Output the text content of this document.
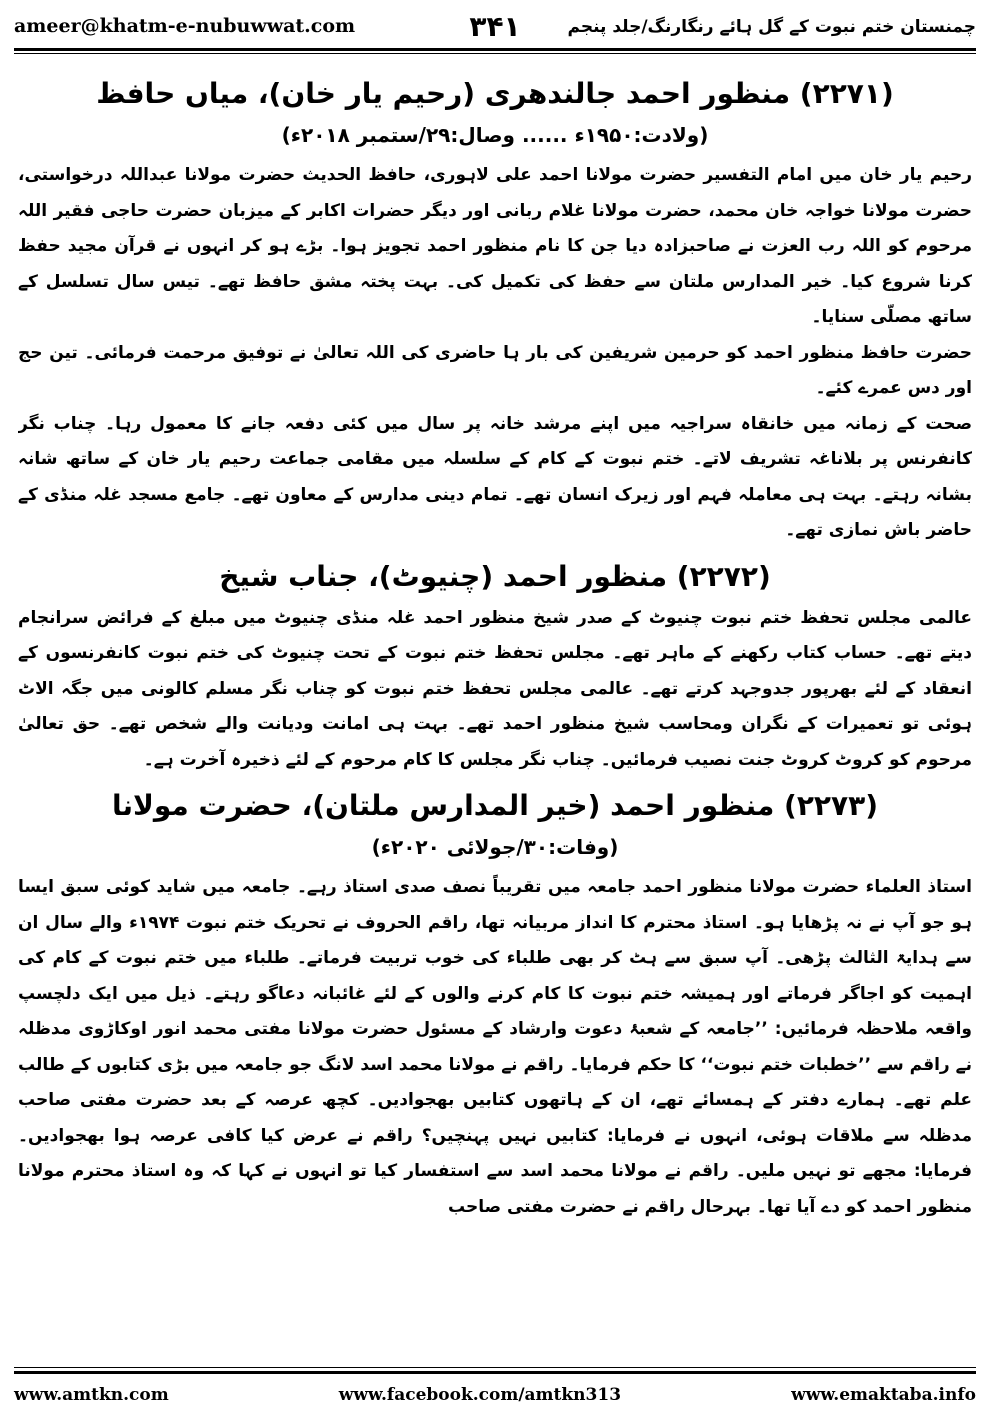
ameer@khatm-e-nubuwwat.com	۳۴۱	چمنستان ختم نبوت کے گل ہائے رنگارنگ/جلد پنجم
(۲۲۷۱) منظور احمد جالندھری (رحیم یار خان)، میاں حافظ
(ولادت:۱۹۵۰ء ...... وصال:۲۹/ستمبر ۲۰۱۸ء)

رحیم یار خان میں امام التفسیر حضرت مولانا احمد علی لاہوری، حافظ الحدیث حضرت مولانا عبداللہ درخواستی، حضرت مولانا خواجہ خان محمد، حضرت مولانا غلام ربانی اور دیگر حضرات اکابر کے میزبان حضرت حاجی فقیر اللہ مرحوم کو اللہ رب العزت نے صاحبزادہ دیا جن کا نام منظور احمد تجویز ہوا۔ بڑے ہو کر انہوں نے قرآن مجید حفظ کرنا شروع کیا۔ خیر المدارس ملتان سے حفظ کی تکمیل کی۔ بہت پختہ مشق حافظ تھے۔ تیس سال تسلسل کے ساتھ مصلّی سنایا۔

حضرت حافظ منظور احمد کو حرمین شریفین کی بار ہا حاضری کی اللہ تعالیٰ نے توفیق مرحمت فرمائی۔ تین حج اور دس عمرے کئے۔

صحت کے زمانہ میں خانقاہ سراجیہ میں اپنے مرشد خانہ پر سال میں کئی دفعہ جانے کا معمول رہا۔ چناب نگر کانفرنس پر بلاناغہ تشریف لاتے۔ ختم نبوت کے کام کے سلسلہ میں مقامی جماعت رحیم یار خان کے ساتھ شانہ بشانہ رہتے۔ بہت ہی معاملہ فہم اور زیرک انسان تھے۔ تمام دینی مدارس کے معاون تھے۔ جامع مسجد غلہ منڈی کے حاضر باش نمازی تھے۔

(۲۲۷۲) منظور احمد (چنیوٹ)، جناب شیخ

عالمی مجلس تحفظ ختم نبوت چنیوٹ کے صدر شیخ منظور احمد غلہ منڈی چنیوٹ میں مبلغ کے فرائض سرانجام دیتے تھے۔ حساب کتاب رکھنے کے ماہر تھے۔ مجلس تحفظ ختم نبوت کے تحت چنیوٹ کی ختم نبوت کانفرنسوں کے انعقاد کے لئے بھرپور جدوجہد کرتے تھے۔ عالمی مجلس تحفظ ختم نبوت کو چناب نگر مسلم کالونی میں جگہ الاٹ ہوئی تو تعمیرات کے نگران ومحاسب شیخ منظور احمد تھے۔ بہت ہی امانت ودیانت والے شخص تھے۔ حق تعالیٰ مرحوم کو کروٹ کروٹ جنت نصیب فرمائیں۔ چناب نگر مجلس کا کام مرحوم کے لئے ذخیرہ آخرت ہے۔

(۲۲۷۳) منظور احمد (خیر المدارس ملتان)، حضرت مولانا
(وفات:۳۰/جولائی ۲۰۲۰ء)

استاذ العلماء حضرت مولانا منظور احمد جامعہ میں تقریباً نصف صدی استاذ رہے۔ جامعہ میں شاید کوئی سبق ایسا ہو جو آپ نے نہ پڑھایا ہو۔ استاذ محترم کا انداز مربیانہ تھا، راقم الحروف نے تحریک ختم نبوت ۱۹۷۴ء والے سال ان سے ہدایۃ الثالث پڑھی۔ آپ سبق سے ہٹ کر بھی طلباء کی خوب تربیت فرماتے۔ طلباء میں ختم نبوت کے کام کی اہمیت کو اجاگر فرماتے اور ہمیشہ ختم نبوت کا کام کرنے والوں کے لئے غائبانہ دعاگو رہتے۔ ذیل میں ایک دلچسپ واقعہ ملاحظہ فرمائیں: ’’جامعہ کے شعبۂ دعوت وارشاد کے مسئول حضرت مولانا مفتی محمد انور اوکاڑوی مدظلہ نے راقم سے ’’خطبات ختم نبوت‘‘ کا حکم فرمایا۔ راقم نے مولانا محمد اسد لانگ جو جامعہ میں بڑی کتابوں کے طالب علم تھے۔ ہمارے دفتر کے ہمسائے تھے، ان کے ہاتھوں کتابیں بھجوادیں۔ کچھ عرصہ کے بعد حضرت مفتی صاحب مدظلہ سے ملاقات ہوئی، انہوں نے فرمایا: کتابیں نہیں پہنچیں؟ راقم نے عرض کیا کافی عرصہ ہوا بھجوادیں۔ فرمایا: مجھے تو نہیں ملیں۔ راقم نے مولانا محمد اسد سے استفسار کیا تو انہوں نے کہا کہ وہ استاذ محترم مولانا منظور احمد کو دے آیا تھا۔ بہرحال راقم نے حضرت مفتی صاحب

www.amtkn.com	www.facebook.com/amtkn313	www.emaktaba.info
